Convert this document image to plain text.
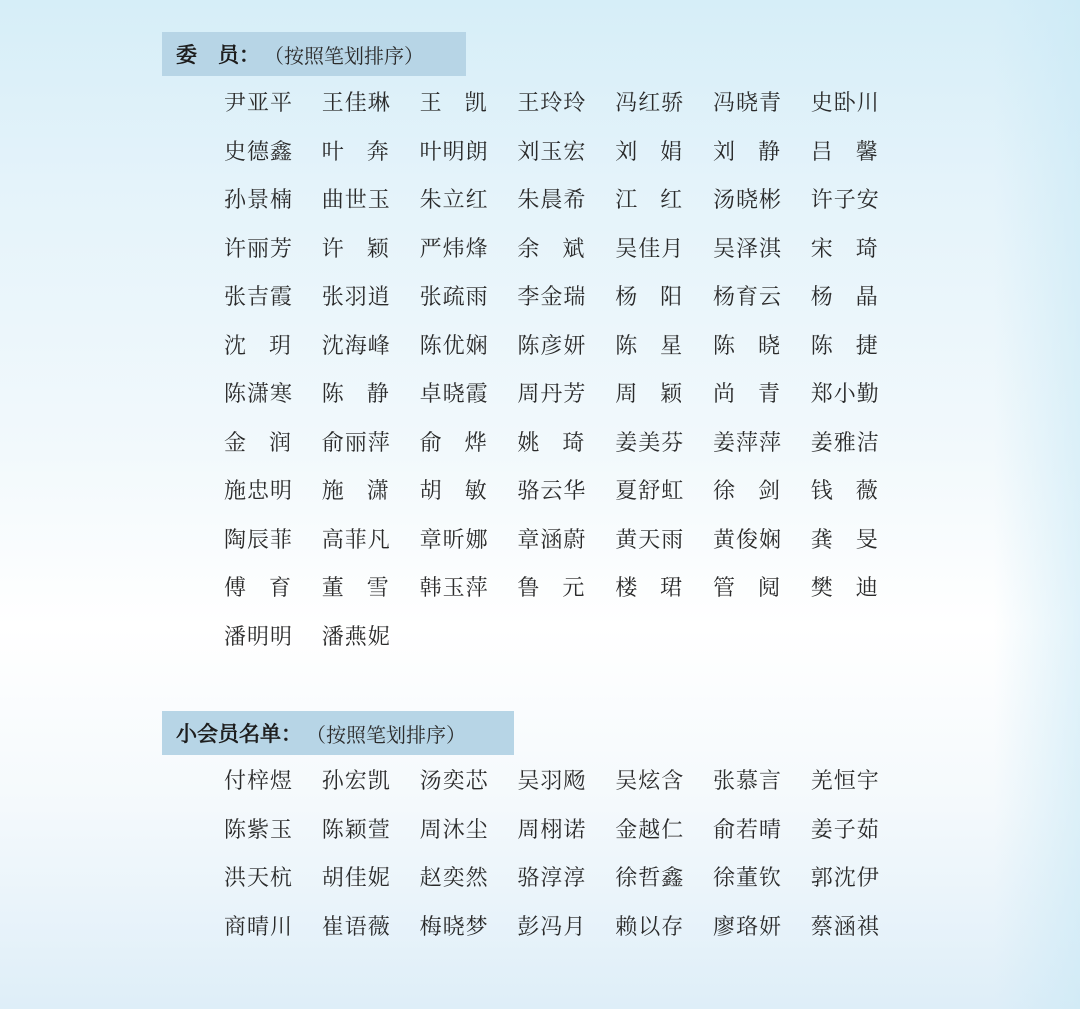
委　员： （按照笔划排序）
尹亚平 王佳琳 王 凯 王玲玲 冯红骄 冯晓青 史卧川
史德鑫 叶 奔 叶明朗 刘玉宏 刘 娟 刘 静 吕 馨
孙景楠 曲世玉 朱立红 朱晨希 江 红 汤晓彬 许子安
许丽芳 许 颖 严炜烽 余 斌 吴佳月 吴泽淇 宋 琦
张吉霞 张羽逍 张疏雨 李金瑞 杨 阳 杨育云 杨 晶
沈 玥 沈海峰 陈优娴 陈彦妍 陈 星 陈 晓 陈 捷
陈潇寒 陈 静 卓晓霞 周丹芳 周 颖 尚 青 郑小勤
金 润 俞丽萍 俞 烨 姚 琦 姜美芬 姜萍萍 姜雅洁
施忠明 施 潇 胡 敏 骆云华 夏舒虹 徐 剑 钱 薇
陶辰菲 高菲凡 章昕娜 章涵蔚 黄天雨 黄俊娴 龚 旻
傅 育 董 雪 韩玉萍 鲁 元 楼 珺 管 阋 樊 迪
潘明明 潘燕妮
小会员名单： （按照笔划排序）
付梓煜 孙宏凯 汤奕芯 吴羽飏 吴炫含 张慕言 羌恒宇
陈紫玉 陈颖萱 周沐尘 周栩诺 金越仁 俞若晴 姜子茹
洪天杭 胡佳妮 赵奕然 骆淳淳 徐哲鑫 徐董钦 郭沈伊
商晴川 崔语薇 梅晓梦 彭冯月 赖以存 廖珞妍 蔡涵祺
